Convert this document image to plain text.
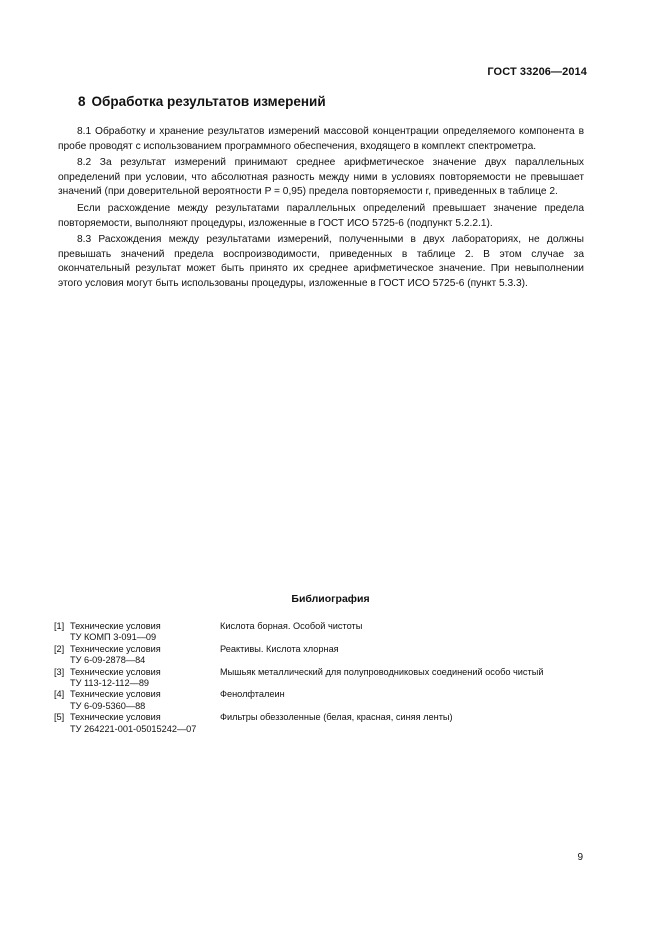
ГОСТ 33206—2014
8 Обработка результатов измерений

8.1 Обработку и хранение результатов измерений массовой концентрации определяемого компонента в пробе проводят с использованием программного обеспечения, входящего в комплект спектрометра.

8.2 За результат измерений принимают среднее арифметическое значение двух параллельных определений при условии, что абсолютная разность между ними в условиях повторяемости не превышает значений (при доверительной вероятности P = 0,95) предела повторяемости r, приведенных в таблице 2.

Если расхождение между результатами параллельных определений превышает значение предела повторяемости, выполняют процедуры, изложенные в ГОСТ ИСО 5725-6 (подпункт 5.2.2.1).

8.3 Расхождения между результатами измерений, полученными в двух лабораториях, не должны превышать значений предела воспроизводимости, приведенных в таблице 2. В этом случае за окончательный результат может быть принято их среднее арифметическое значение. При невыполнении этого условия могут быть использованы процедуры, изложенные в ГОСТ ИСО 5725-6 (пункт 5.3.3).

Библиография
[1] Технические условия
ТУ КОМП 3-091—09
Кислота борная. Особой чистоты
[2] Технические условия
ТУ 6-09-2878—84
Реактивы. Кислота хлорная
[3] Технические условия
ТУ 113-12-112—89
Мышьяк металлический для полупроводниковых соединений особо чистый
[4] Технические условия
ТУ 6-09-5360—88
Фенолфталеин
[5] Технические условия
ТУ 264221-001-05015242—07
Фильтры обеззоленные (белая, красная, синяя ленты)
9
